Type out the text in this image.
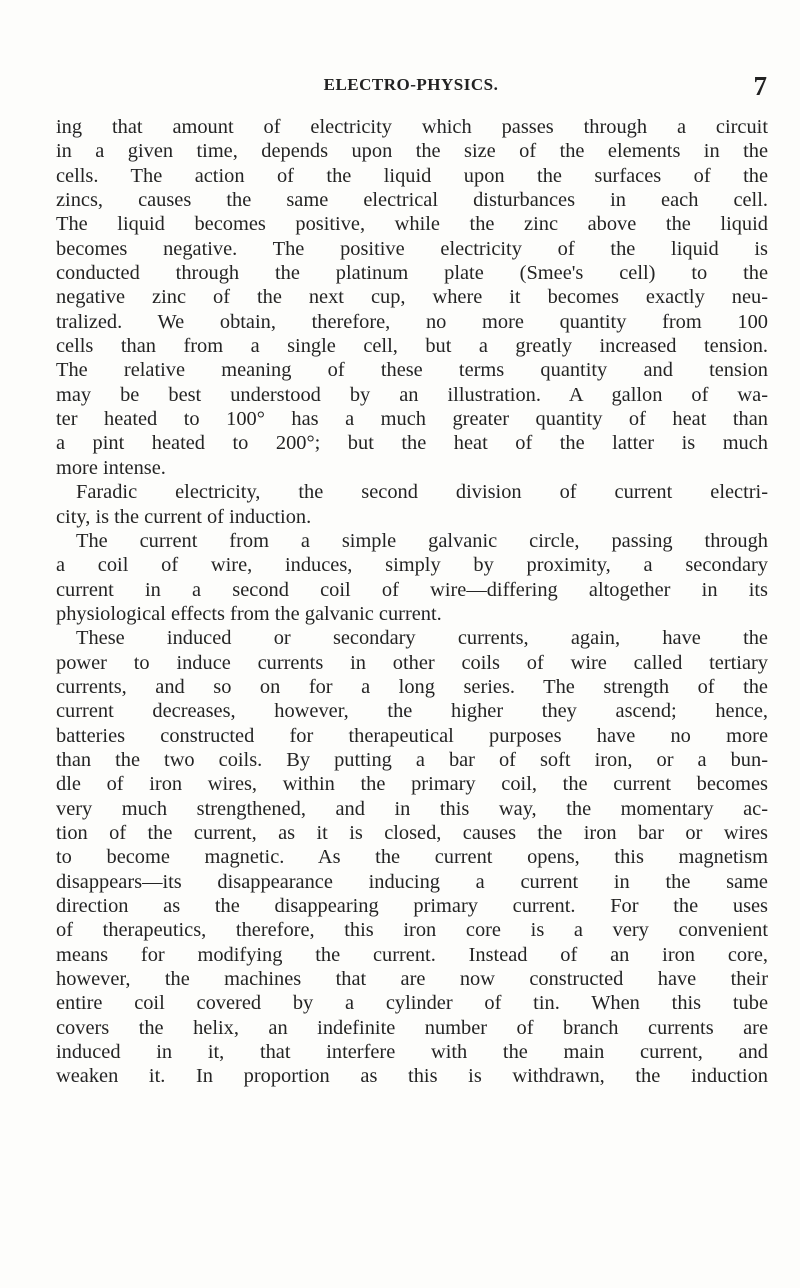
ELECTRO-PHYSICS.	7
ing that amount of electricity which passes through a circuit
in a given time, depends upon the size of the elements in the
cells. The action of the liquid upon the surfaces of the
zincs, causes the same electrical disturbances in each cell.
The liquid becomes positive, while the zinc above the liquid
becomes negative. The positive electricity of the liquid is
conducted through the platinum plate (Smee's cell) to the
negative zinc of the next cup, where it becomes exactly neu-
tralized. We obtain, therefore, no more quantity from 100
cells than from a single cell, but a greatly increased tension.
The relative meaning of these terms quantity and tension
may be best understood by an illustration. A gallon of wa-
ter heated to 100° has a much greater quantity of heat than
a pint heated to 200°; but the heat of the latter is much
more intense.
Faradic electricity, the second division of current electri-
city, is the current of induction.
The current from a simple galvanic circle, passing through
a coil of wire, induces, simply by proximity, a secondary
current in a second coil of wire—differing altogether in its
physiological effects from the galvanic current.
These induced or secondary currents, again, have the
power to induce currents in other coils of wire called tertiary
currents, and so on for a long series. The strength of the
current decreases, however, the higher they ascend; hence,
batteries constructed for therapeutical purposes have no more
than the two coils. By putting a bar of soft iron, or a bun-
dle of iron wires, within the primary coil, the current becomes
very much strengthened, and in this way, the momentary ac-
tion of the current, as it is closed, causes the iron bar or wires
to become magnetic. As the current opens, this magnetism
disappears—its disappearance inducing a current in the same
direction as the disappearing primary current. For the uses
of therapeutics, therefore, this iron core is a very convenient
means for modifying the current. Instead of an iron core,
however, the machines that are now constructed have their
entire coil covered by a cylinder of tin. When this tube
covers the helix, an indefinite number of branch currents are
induced in it, that interfere with the main current, and
weaken it. In proportion as this is withdrawn, the induction
